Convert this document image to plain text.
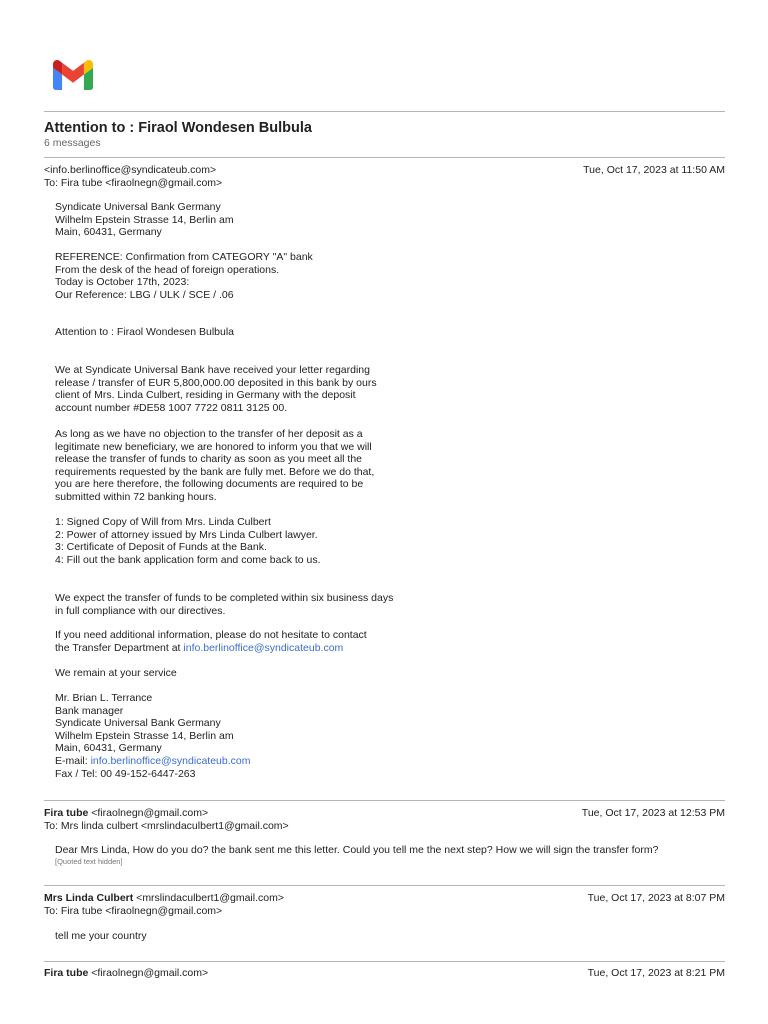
Attention to : Firaol Wondesen Bulbula
6 messages
<info.berlinoffice@syndicateub.com>
To: Fira tube <firaolnegn@gmail.com>
Tue, Oct 17, 2023 at 11:50 AM
Syndicate Universal Bank Germany
Wilhelm Epstein Strasse 14, Berlin am
Main, 60431, Germany
REFERENCE: Confirmation from CATEGORY "A" bank
From the desk of the head of foreign operations.
Today is October 17th, 2023:
Our Reference: LBG / ULK / SCE / .06
Attention to : Firaol Wondesen Bulbula
We at Syndicate Universal Bank have received your letter regarding
release / transfer of EUR 5,800,000.00 deposited in this bank by ours
client of Mrs. Linda Culbert, residing in Germany with the deposit
account number #DE58 1007 7722 0811 3125 00.
As long as we have no objection to the transfer of her deposit as a
legitimate new beneficiary, we are honored to inform you that we will
release the transfer of funds to charity as soon as you meet all the
requirements requested by the bank are fully met. Before we do that,
you are here therefore, the following documents are required to be
submitted within 72 banking hours.
1: Signed Copy of Will from Mrs. Linda Culbert
2: Power of attorney issued by Mrs Linda Culbert lawyer.
3: Certificate of Deposit of Funds at the Bank.
4: Fill out the bank application form and come back to us.
We expect the transfer of funds to be completed within six business days
in full compliance with our directives.
If you need additional information, please do not hesitate to contact
the Transfer Department at info.berlinoffice@syndicateub.com
We remain at your service
Mr. Brian L. Terrance
Bank manager
Syndicate Universal Bank Germany
Wilhelm Epstein Strasse 14, Berlin am
Main, 60431, Germany
E-mail: info.berlinoffice@syndicateub.com
Fax / Tel: 00 49-152-6447-263
Fira tube <firaolnegn@gmail.com>
To: Mrs linda culbert <mrslindaculbert1@gmail.com>
Tue, Oct 17, 2023 at 12:53 PM
Dear Mrs Linda, How do you do? the bank sent me this letter. Could you tell me the next step? How we will sign the transfer form?
[Quoted text hidden]
Mrs Linda Culbert <mrslindaculbert1@gmail.com>
To: Fira tube <firaolnegn@gmail.com>
Tue, Oct 17, 2023 at 8:07 PM
tell me your country
Fira tube <firaolnegn@gmail.com>	Tue, Oct 17, 2023 at 8:21 PM
